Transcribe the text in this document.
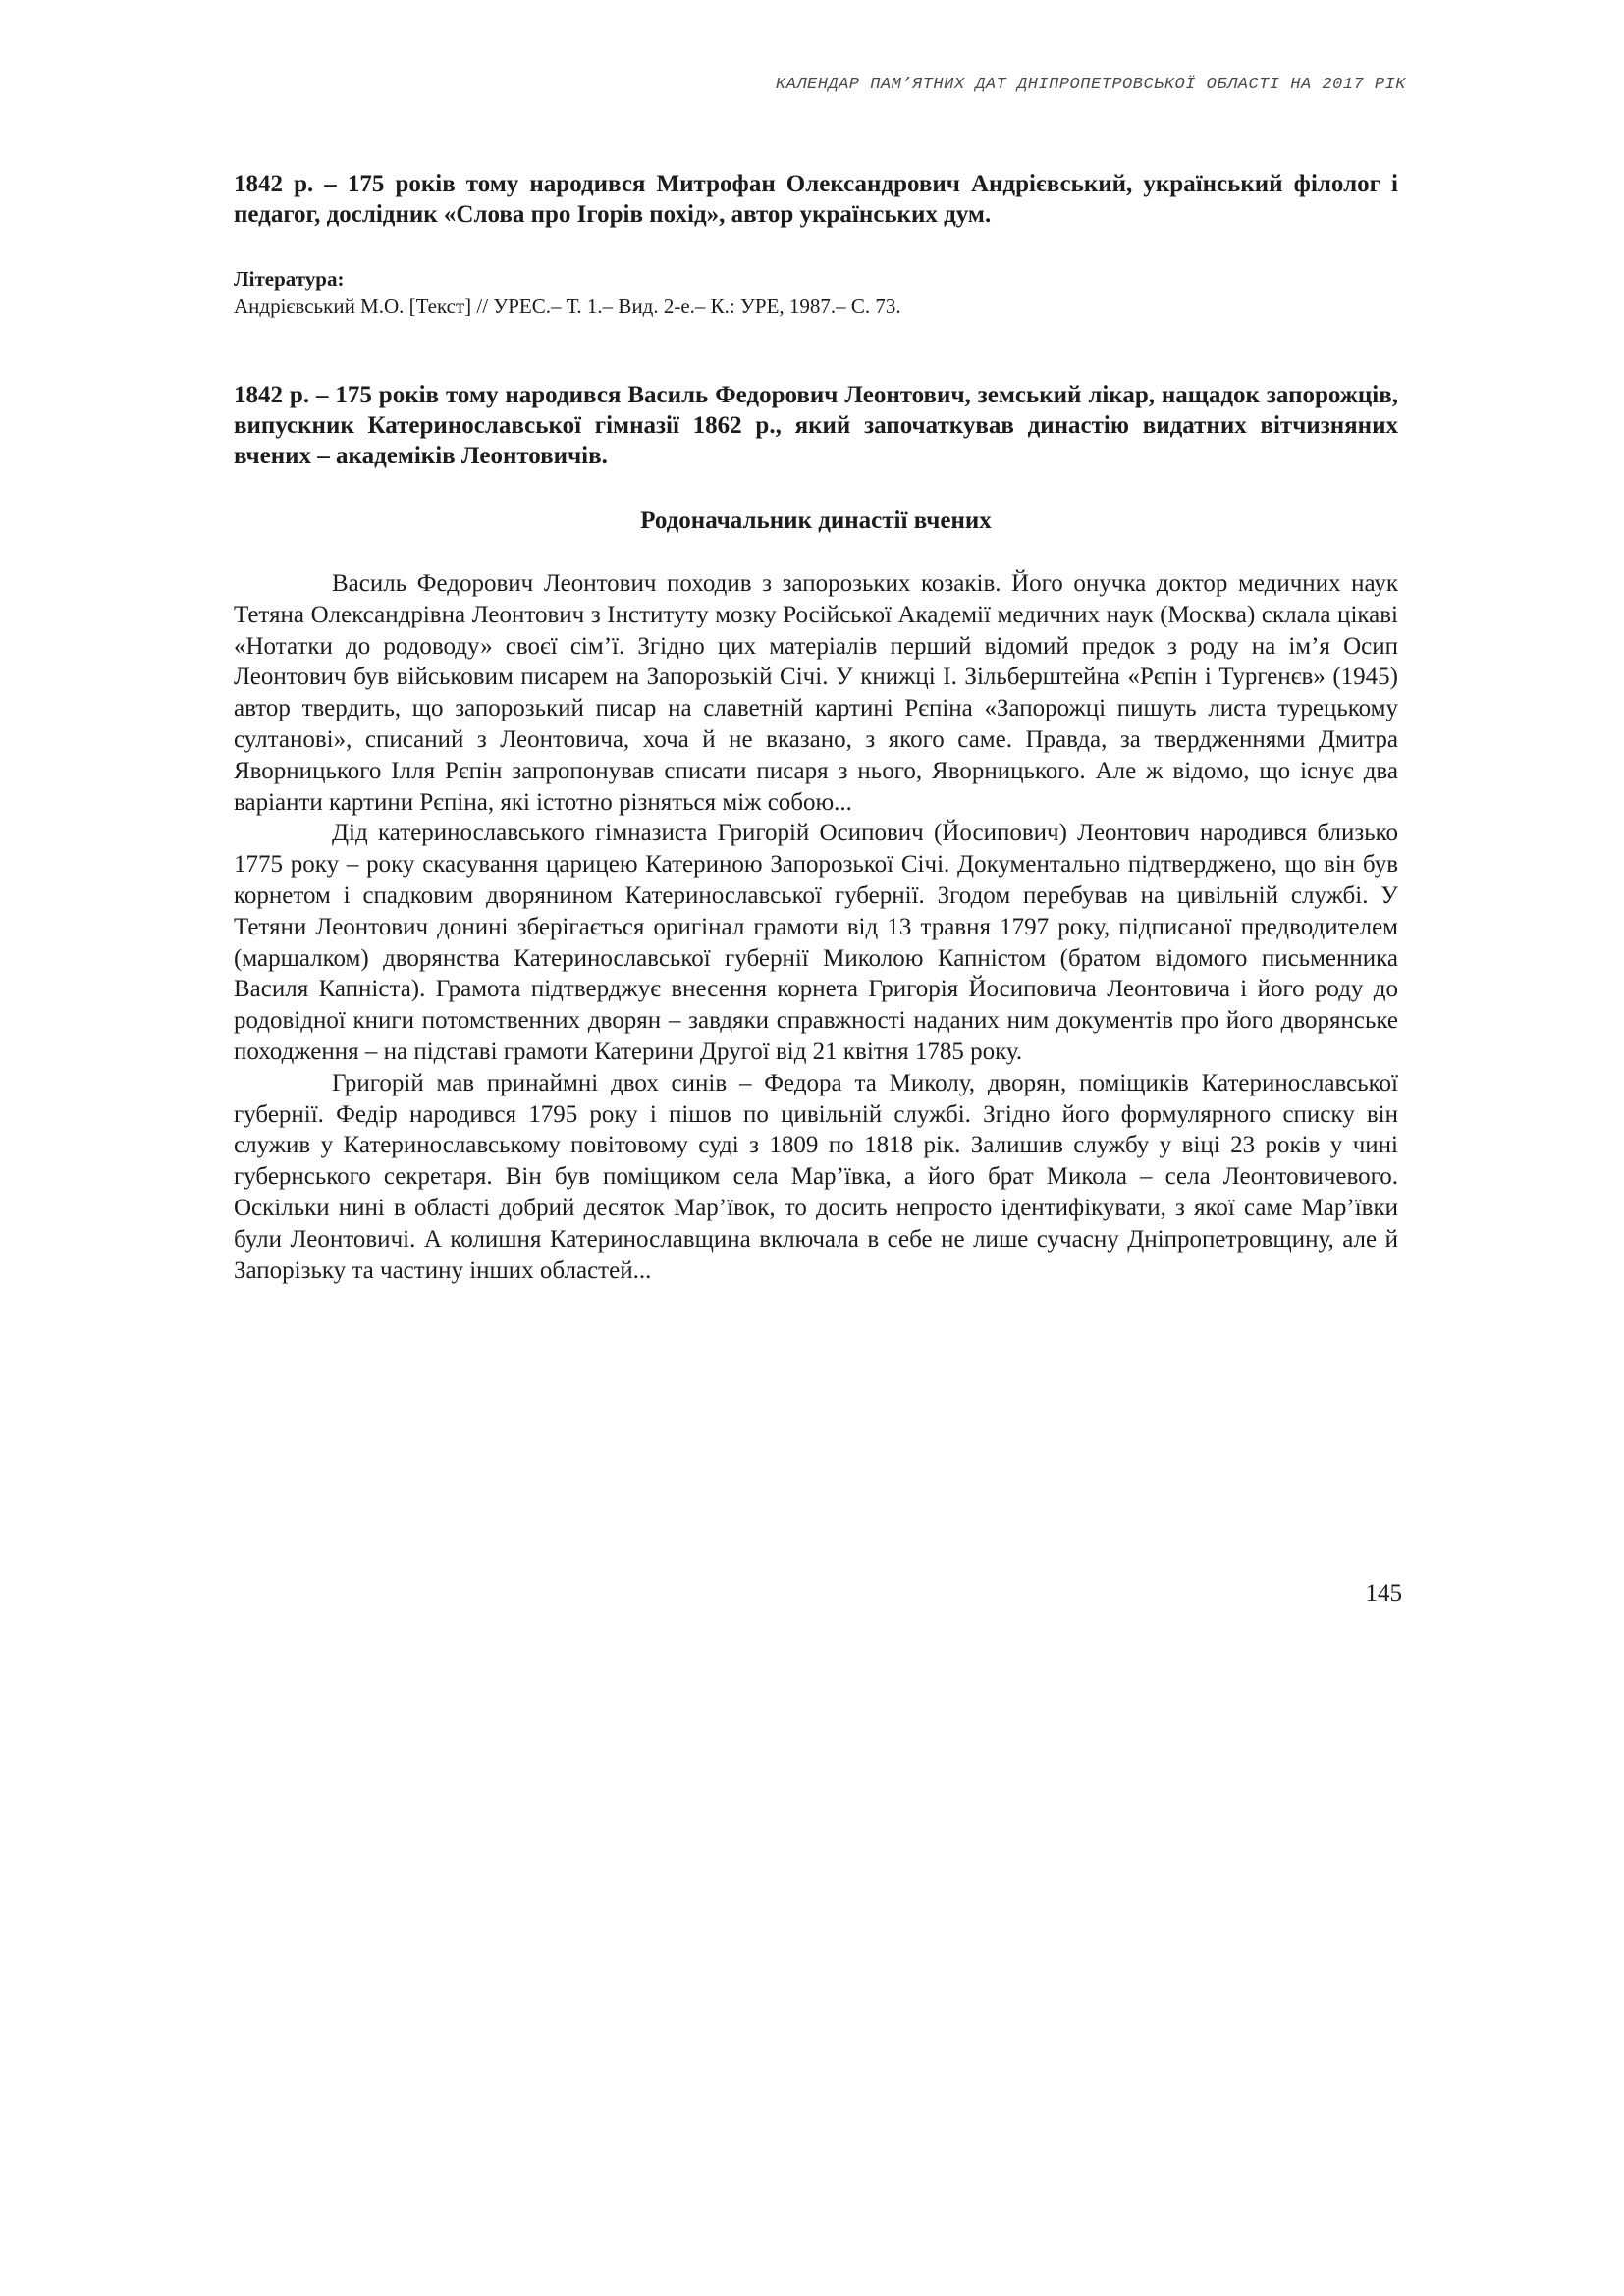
КАЛЕНДАР ПАМ’ЯТНИХ ДАТ ДНІПРОПЕТРОВСЬКОЇ ОБЛАСТІ НА 2017 РІК

1842 р. – 175 років тому народився Митрофан Олександрович Андрієвський, український філолог і педагог, дослідник «Слова про Ігорів похід», автор українських дум.

Література:

Андрієвський М.О. [Текст] // УРЕС.– Т. 1.– Вид. 2-е.– К.: УРЕ, 1987.– С. 73.

1842 р. – 175 років тому народився Василь Федорович Леонтович, земський лікар, нащадок запорожців, випускник Катеринославської гімназії 1862 р., який започаткував династію видатних вітчизняних вчених – академіків Леонтовичів.

Родоначальник династії вчених

Василь Федорович Леонтович походив з запорозьких козаків. Його онучка доктор медичних наук Тетяна Олександрівна Леонтович з Інституту мозку Російської Академії медичних наук (Москва) склала цікаві «Нотатки до родоводу» своєї сім’ї. Згідно цих матеріалів перший відомий предок з роду на ім’я Осип Леонтович був військовим писарем на Запорозькій Січі. У книжці І. Зільберштейна «Рєпін і Тургенєв» (1945) автор твердить, що запорозький писар на славетній картині Рєпіна «Запорожці пишуть листа турецькому султанові», списаний з Леонтовича, хоча й не вказано, з якого саме. Правда, за твердженнями Дмитра Яворницького Ілля Рєпін запропонував списати писаря з нього, Яворницького. Але ж відомо, що існує два варіанти картини Рєпіна, які істотно різняться між собою...

Дід катеринославського гімназиста Григорій Осипович (Йосипович) Леонтович народився близько 1775 року – року скасування царицею Катериною Запорозької Січі. Документально підтверджено, що він був корнетом і спадковим дворянином Катеринославської губернії. Згодом перебував на цивільній службі. У Тетяни Леонтович донині зберігається оригінал грамоти від 13 травня 1797 року, підписаної предводителем (маршалком) дворянства Катеринославської губернії Миколою Капністом (братом відомого письменника Василя Капніста). Грамота підтверджує внесення корнета Григорія Йосиповича Леонтовича і його роду до родовідної книги потомственних дворян – завдяки справжності наданих ним документів про його дворянське походження – на підставі грамоти Катерини Другої від 21 квітня 1785 року.

Григорій мав принаймні двох синів – Федора та Миколу, дворян, поміщиків Катеринославської губернії. Федір народився 1795 року і пішов по цивільній службі. Згідно його формулярного списку він служив у Катеринославському повітовому суді з 1809 по 1818 рік. Залишив службу у віці 23 років у чині губернського секретаря. Він був поміщиком села Мар’ївка, а його брат Микола – села Леонтовичевого. Оскільки нині в області добрий десяток Мар’ївок, то досить непросто ідентифікувати, з якої саме Мар’ївки були Леонтовичі. А колишня Катеринославщина включала в себе не лише сучасну Дніпропетровщину, але й Запорізьку та частину інших областей...

145
